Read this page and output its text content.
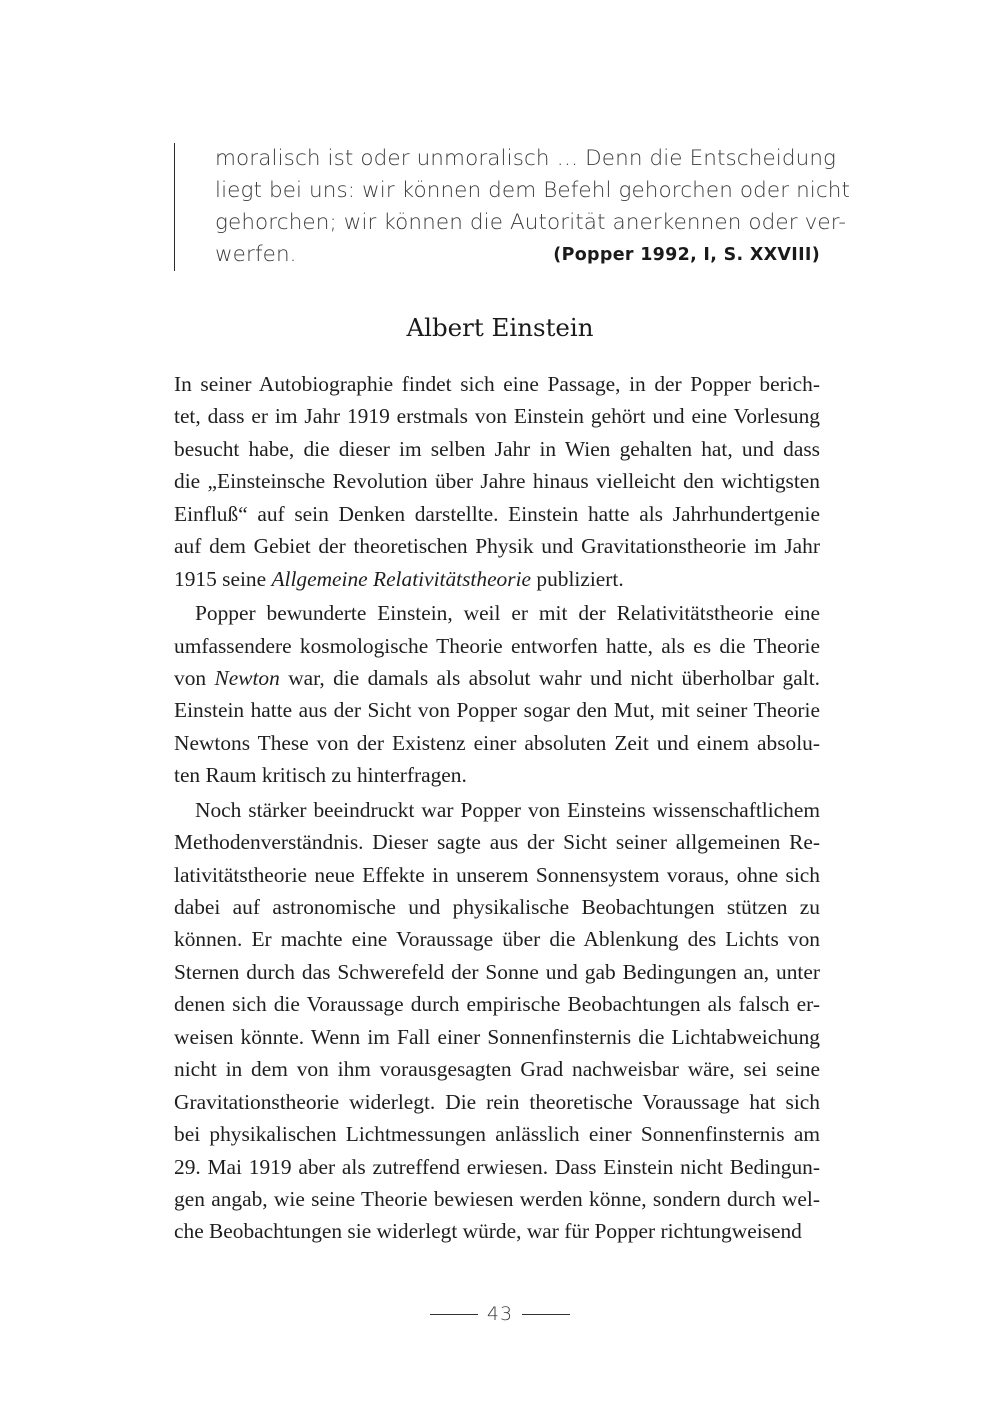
moralisch ist oder unmoralisch … Denn die Entscheidung
liegt bei uns: wir können dem Befehl gehorchen oder nicht
gehorchen; wir können die Autorität anerkennen oder ver-
werfen.	(Popper 1992, I, S. XXVIII)
Albert Einstein
In seiner Autobiographie findet sich eine Passage, in der Popper berich-
tet, dass er im Jahr 1919 erstmals von Einstein gehört und eine Vorlesung
besucht habe, die dieser im selben Jahr in Wien gehalten hat, und dass
die „Einsteinsche Revolution über Jahre hinaus vielleicht den wichtigsten
Einfluß“ auf sein Denken darstellte. Einstein hatte als Jahrhundertgenie
auf dem Gebiet der theoretischen Physik und Gravitationstheorie im Jahr
1915 seine Allgemeine Relativitätstheorie publiziert.
Popper bewunderte Einstein, weil er mit der Relativitätstheorie eine
umfassendere kosmologische Theorie entworfen hatte, als es die Theorie
von Newton war, die damals als absolut wahr und nicht überholbar galt.
Einstein hatte aus der Sicht von Popper sogar den Mut, mit seiner Theorie
Newtons These von der Existenz einer absoluten Zeit und einem absolu-
ten Raum kritisch zu hinterfragen.
Noch stärker beeindruckt war Popper von Einsteins wissenschaftlichem
Methodenverständnis. Dieser sagte aus der Sicht seiner allgemeinen Re-
lativitätstheorie neue Effekte in unserem Sonnensystem voraus, ohne sich
dabei auf astronomische und physikalische Beobachtungen stützen zu
können. Er machte eine Voraussage über die Ablenkung des Lichts von
Sternen durch das Schwerefeld der Sonne und gab Bedingungen an, unter
denen sich die Voraussage durch empirische Beobachtungen als falsch er-
weisen könnte. Wenn im Fall einer Sonnenfinsternis die Lichtabweichung
nicht in dem von ihm vorausgesagten Grad nachweisbar wäre, sei seine
Gravitationstheorie widerlegt. Die rein theoretische Voraussage hat sich
bei physikalischen Lichtmessungen anlässlich einer Sonnenfinsternis am
29. Mai 1919 aber als zutreffend erwiesen. Dass Einstein nicht Bedingun-
gen angab, wie seine Theorie bewiesen werden könne, sondern durch wel-
che Beobachtungen sie widerlegt würde, war für Popper richtungweisend
43
